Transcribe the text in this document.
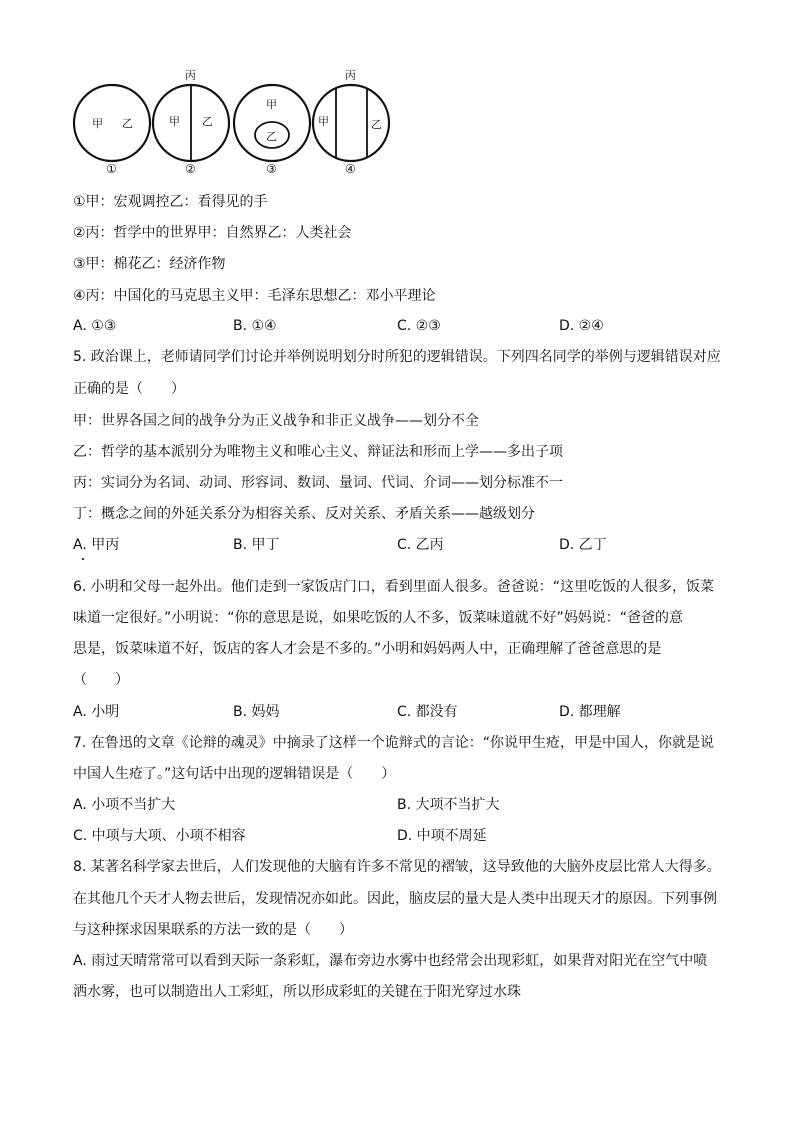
甲 乙
①
丙
甲 乙
②
甲
乙
③
丙
甲	乙
④
①甲：宏观调控乙：看得见的手
②丙：哲学中的世界甲：自然界乙：人类社会
③甲：棉花乙：经济作物
④丙：中国化的马克思主义甲：毛泽东思想乙：邓小平理论
A. ①③	B. ①④	C. ②③	D. ②④
5. 政治课上，老师请同学们讨论并举例说明划分时所犯的逻辑错误。下列四名同学的举例与逻辑错误对应
正确的是（　　）
甲：世界各国之间的战争分为正义战争和非正义战争——划分不全
乙：哲学的基本派别分为唯物主义和唯心主义、辩证法和形而上学——多出子项
丙：实词分为名词、动词、形容词、数词、量词、代词、介词——划分标准不一
丁：概念之间的外延关系分为相容关系、反对关系、矛盾关系——越级划分
A. 甲丙	B. 甲丁	C. 乙丙	D. 乙丁
6. 小明和父母一起外出。他们走到一家饭店门口，看到里面人很多。爸爸说：“这里吃饭的人很多，饭菜
味道一定很好。”小明说：“你的意思是说，如果吃饭的人不多，饭菜味道就不好”妈妈说：“爸爸的意
思是，饭菜味道不好，饭店的客人才会是不多的。”小明和妈妈两人中，正确理解了爸爸意思的是
（　　）
A. 小明	B. 妈妈	C. 都没有	D. 都理解
7. 在鲁迅的文章《论辩的魂灵》中摘录了这样一个诡辩式的言论：“你说甲生疮，甲是中国人，你就是说
中国人生疮了。”这句话中出现的逻辑错误是（　　）
A. 小项不当扩大	B. 大项不当扩大
C. 中项与大项、小项不相容	D. 中项不周延
8. 某著名科学家去世后，人们发现他的大脑有许多不常见的褶皱，这导致他的大脑外皮层比常人大得多。
在其他几个天才人物去世后，发现情况亦如此。因此，脑皮层的量大是人类中出现天才的原因。下列事例
与这种探求因果联系的方法一致的是（　　）
A. 雨过天晴常常可以看到天际一条彩虹，瀑布旁边水雾中也经常会出现彩虹，如果背对阳光在空气中喷
洒水雾，也可以制造出人工彩虹，所以形成彩虹的关键在于阳光穿过水珠
